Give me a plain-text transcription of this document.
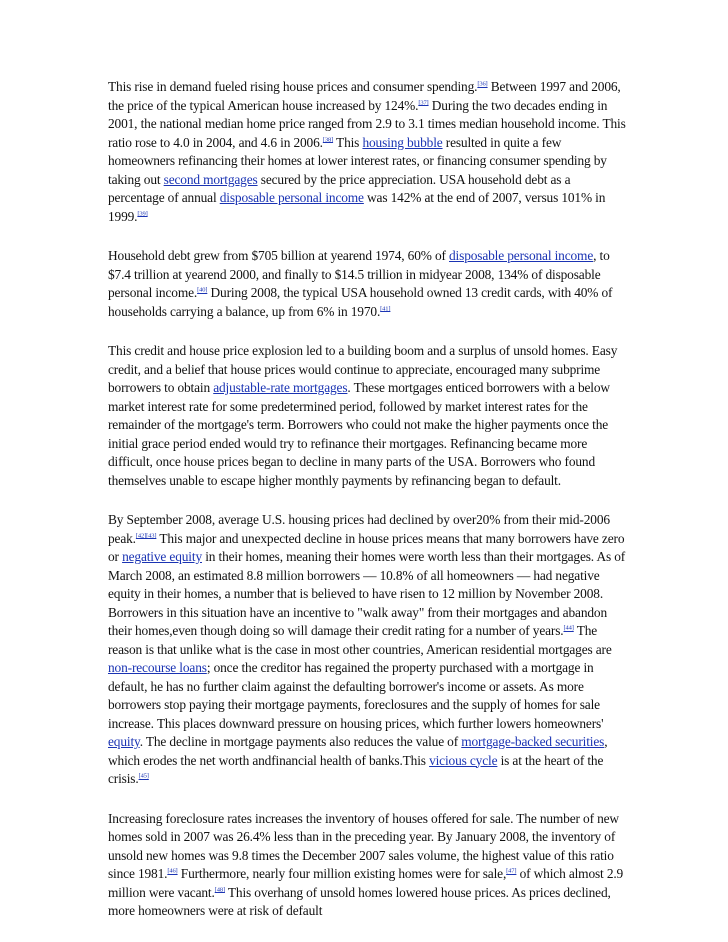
This rise in demand fueled rising house prices and consumer spending.[36] Between 1997 and 2006, the price of the typical American house increased by 124%.[37] During the two decades ending in 2001, the national median home price ranged from 2.9 to 3.1 times median household income. This ratio rose to 4.0 in 2004, and 4.6 in 2006.[38] This housing bubble resulted in quite a few homeowners refinancing their homes at lower interest rates, or financing consumer spending by taking out second mortgages secured by the price appreciation. USA household debt as a percentage of annual disposable personal income was 142% at the end of 2007, versus 101% in 1999.[39]

Household debt grew from $705 billion at yearend 1974, 60% of disposable personal income, to $7.4 trillion at yearend 2000, and finally to $14.5 trillion in midyear 2008, 134% of disposable personal income.[40] During 2008, the typical USA household owned 13 credit cards, with 40% of households carrying a balance, up from 6% in 1970.[41]

This credit and house price explosion led to a building boom and a surplus of unsold homes. Easy credit, and a belief that house prices would continue to appreciate, encouraged many subprime borrowers to obtain adjustable-rate mortgages. These mortgages enticed borrowers with a below market interest rate for some predetermined period, followed by market interest rates for the remainder of the mortgage's term. Borrowers who could not make the higher payments once the initial grace period ended would try to refinance their mortgages. Refinancing became more difficult, once house prices began to decline in many parts of the USA. Borrowers who found themselves unable to escape higher monthly payments by refinancing began to default.

By September 2008, average U.S. housing prices had declined by over20% from their mid-2006 peak.[42][43] This major and unexpected decline in house prices means that many borrowers have zero or negative equity in their homes, meaning their homes were worth less than their mortgages. As of March 2008, an estimated 8.8 million borrowers — 10.8% of all homeowners — had negative equity in their homes, a number that is believed to have risen to 12 million by November 2008. Borrowers in this situation have an incentive to "walk away" from their mortgages and abandon their homes,even though doing so will damage their credit rating for a number of years.[44] The reason is that unlike what is the case in most other countries, American residential mortgages are non-recourse loans; once the creditor has regained the property purchased with a mortgage in default, he has no further claim against the defaulting borrower's income or assets. As more borrowers stop paying their mortgage payments, foreclosures and the supply of homes for sale increase. This places downward pressure on housing prices, which further lowers homeowners' equity. The decline in mortgage payments also reduces the value of mortgage-backed securities, which erodes the net worth andfinancial health of banks.This vicious cycle is at the heart of the crisis.[45]

Increasing foreclosure rates increases the inventory of houses offered for sale. The number of new homes sold in 2007 was 26.4% less than in the preceding year. By January 2008, the inventory of unsold new homes was 9.8 times the December 2007 sales volume, the highest value of this ratio since 1981.[46] Furthermore, nearly four million existing homes were for sale,[47] of which almost 2.9 million were vacant.[48] This overhang of unsold homes lowered house prices. As prices declined, more homeowners were at risk of default
